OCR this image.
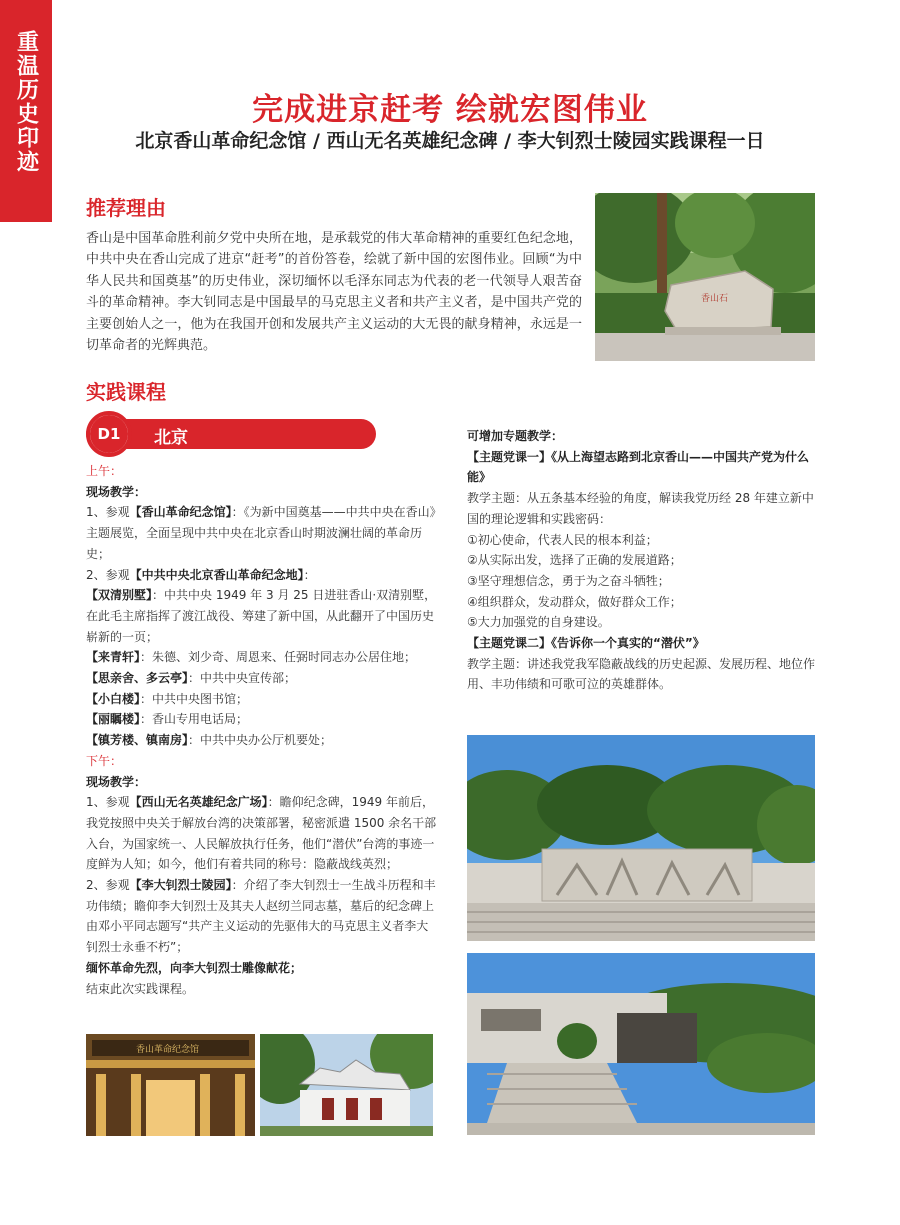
重温历史印迹	完成进京赶考 绘就宏图伟业
北京香山革命纪念馆 / 西山无名英雄纪念碑 / 李大钊烈士陵园实践课程一日
推荐理由
香山是中国革命胜利前夕党中央所在地，是承载党的伟大革命精神的重要红色纪念地，中共中央在香山完成了进京“赶考”的首份答卷，绘就了新中国的宏图伟业。回顾“为中华人民共和国奠基”的历史伟业，深切缅怀以毛泽东同志为代表的老一代领导人艰苦奋斗的革命精神。李大钊同志是中国最早的马克思主义者和共产主义者，是中国共产党的主要创始人之一，他为在我国开创和发展共产主义运动的大无畏的献身精神，永远是一切革命者的光辉典范。
香山石
实践课程
D1	北京

上午：

现场教学：

1、参观【香山革命纪念馆】：《为新中国奠基——中共中央在香山》主题展览，全面呈现中共中央在北京香山时期波澜壮阔的革命历史；

2、参观【中共中央北京香山革命纪念地】：

【双清别墅】：中共中央 1949 年 3 月 25 日进驻香山·双清别墅，在此毛主席指挥了渡江战役、筹建了新中国，从此翻开了中国历史崭新的一页；

【来青轩】：朱德、刘少奇、周恩来、任弼时同志办公居住地；

【思亲舍、多云亭】：中共中央宣传部；

【小白楼】：中共中央图书馆；

【丽瞩楼】：香山专用电话局；

【镇芳楼、镇南房】：中共中央办公厅机要处；

下午：

现场教学：

1、参观【西山无名英雄纪念广场】：瞻仰纪念碑，1949 年前后，我党按照中央关于解放台湾的决策部署，秘密派遣 1500 余名干部入台，为国家统一、人民解放执行任务，他们“潜伏”台湾的事迹一度鲜为人知；如今，他们有着共同的称号：隐蔽战线英烈；

2、参观【李大钊烈士陵园】：介绍了李大钊烈士一生战斗历程和丰功伟绩；瞻仰李大钊烈士及其夫人赵纫兰同志墓，墓后的纪念碑上由邓小平同志题写“共产主义运动的先驱伟大的马克思主义者李大钊烈士永垂不朽”；

缅怀革命先烈，向李大钊烈士雕像献花；

结束此次实践课程。

香山革命纪念馆

可增加专题教学：

【主题党课一】《从上海望志路到北京香山——中国共产党为什么能》

教学主题：从五条基本经验的角度，解读我党历经 28 年建立新中国的理论逻辑和实践密码：

①初心使命，代表人民的根本利益；

②从实际出发，选择了正确的发展道路；

③坚守理想信念，勇于为之奋斗牺牲；

④组织群众，发动群众，做好群众工作；

⑤大力加强党的自身建设。

【主题党课二】《告诉你一个真实的“潜伏”》

教学主题：讲述我党我军隐蔽战线的历史起源、发展历程、地位作用、丰功伟绩和可歌可泣的英雄群体。
